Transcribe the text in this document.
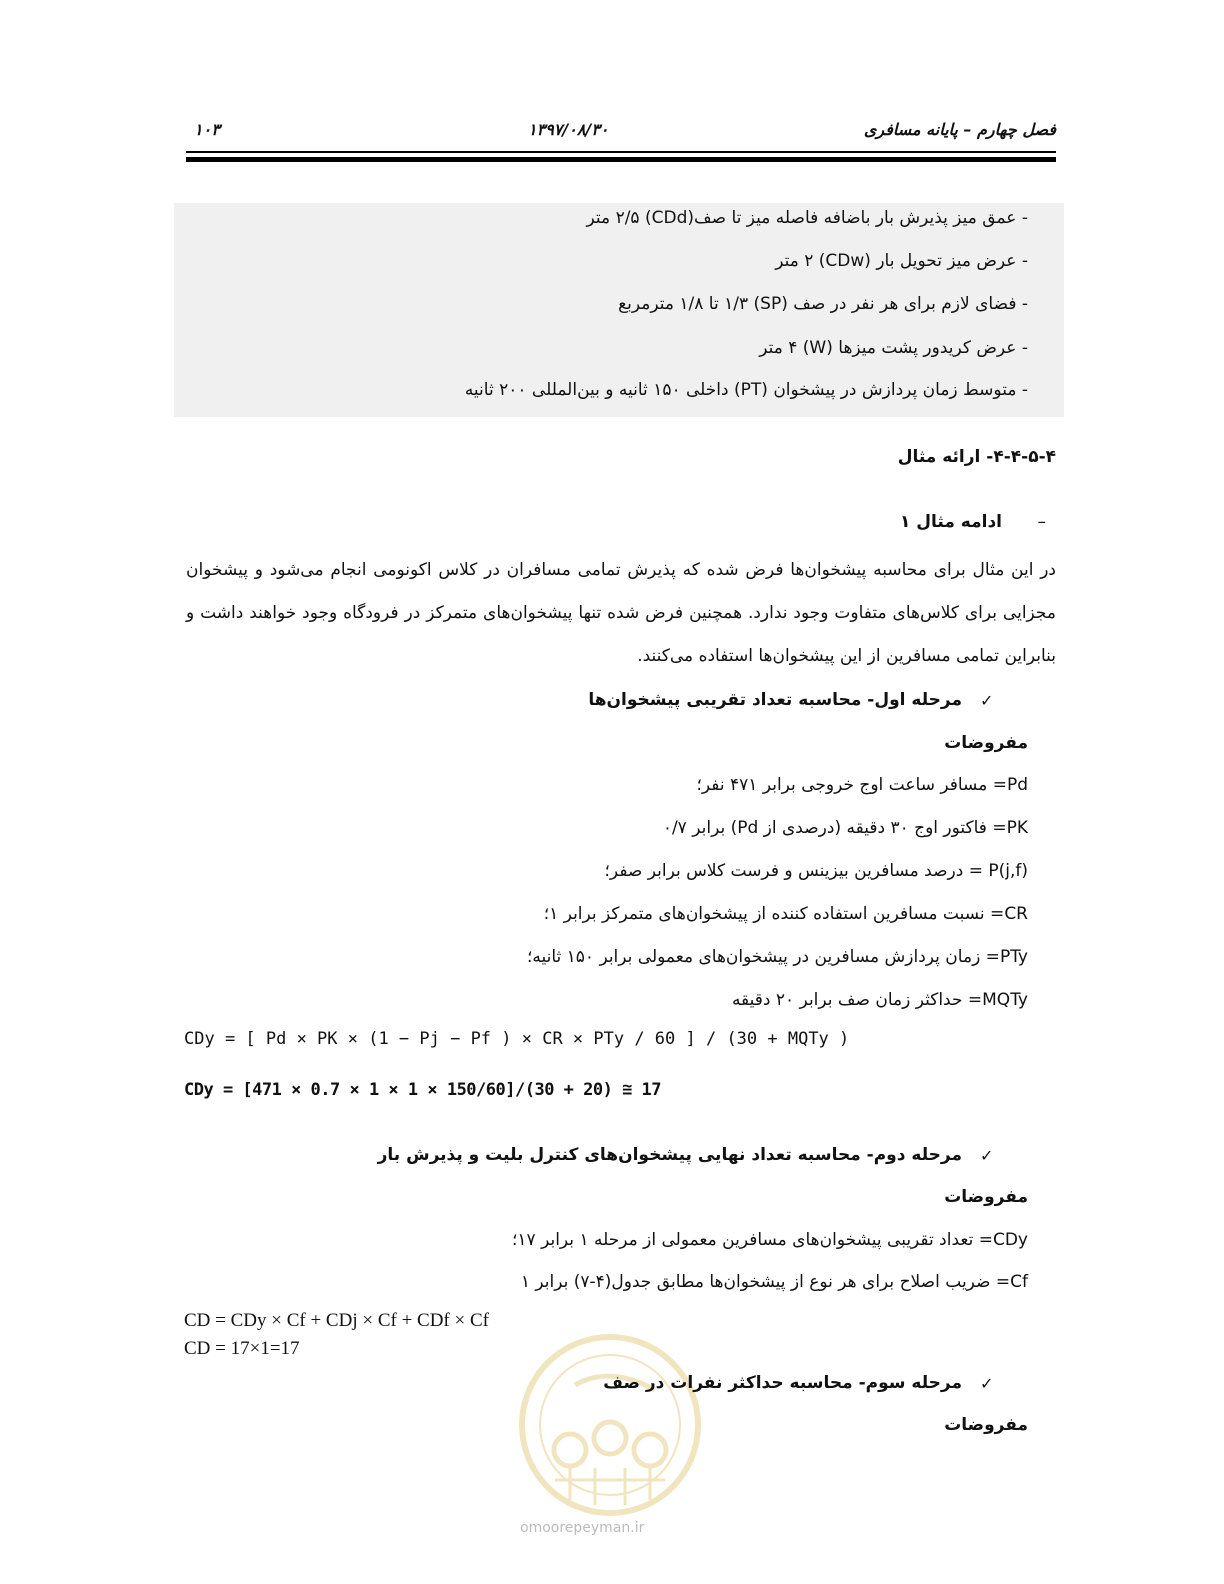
فصل چهارم – پایانه مسافری
۱۳۹۷/۰۸/۳۰
۱۰۳
- عمق میز پذیرش بار باضافه فاصله میز تا صف(CDd) ۲/۵ متر
- عرض میز تحویل بار (CDw) ۲ متر
- فضای لازم برای هر نفر در صف (SP) ۱/۳ تا ۱/۸ مترمربع
- عرض کریدور پشت میزها (W) ۴ متر
- متوسط زمان پردازش در پیشخوان (PT) داخلی ۱۵۰ ثانیه و بین‌المللی ۲۰۰ ثانیه
۴-۴-۵-۴- ارائه مثال
–
ادامه مثال ۱
در این مثال برای محاسبه پیشخوان‌ها فرض شده که پذیرش تمامی مسافران در کلاس اکونومی انجام می‌شود و پیشخوان مجزایی برای کلاس‌های متفاوت وجود ندارد. همچنین فرض شده تنها پیشخوان‌های متمرکز در فرودگاه وجود خواهند داشت و بنابراین تمامی مسافرین از این پیشخوان‌ها استفاده می‌کنند.
✓
مرحله اول- محاسبه تعداد تقریبی پیشخوان‌ها
مفروضات
Pd= مسافر ساعت اوج خروجی برابر ۴۷۱ نفر؛
PK= فاکتور اوج ۳۰ دقیقه (درصدی از Pd) برابر ۰/۷
P(j,f) = درصد مسافرین بیزینس و فرست کلاس برابر صفر؛
CR= نسبت مسافرین استفاده کننده از پیشخوان‌های متمرکز برابر ۱؛
PTy= زمان پردازش مسافرین در پیشخوان‌های معمولی برابر ۱۵۰ ثانیه؛
MQTy= حداکثر زمان صف برابر ۲۰ دقیقه
CDy = [ Pd × PK × (1 − Pj − Pf ) × CR × PTy / 60 ] / (30 + MQTy )
CDy = [471 × 0.7 × 1 × 1 × 150/60]/(30 + 20) ≅ 17
✓
مرحله دوم- محاسبه تعداد نهایی پیشخوان‌های کنترل بلیت و پذیرش بار
مفروضات
CDy= تعداد تقریبی پیشخوان‌های مسافرین معمولی از مرحله ۱ برابر ۱۷؛
Cf= ضریب اصلاح برای هر نوع از پیشخوان‌ها مطابق جدول(۴-۷) برابر ۱
CD = CDy × Cf + CDj × Cf + CDf × Cf
CD = 17×1=17
✓
مرحله سوم- محاسبه حداکثر نفرات در صف
مفروضات
omoorepeyman.ir
